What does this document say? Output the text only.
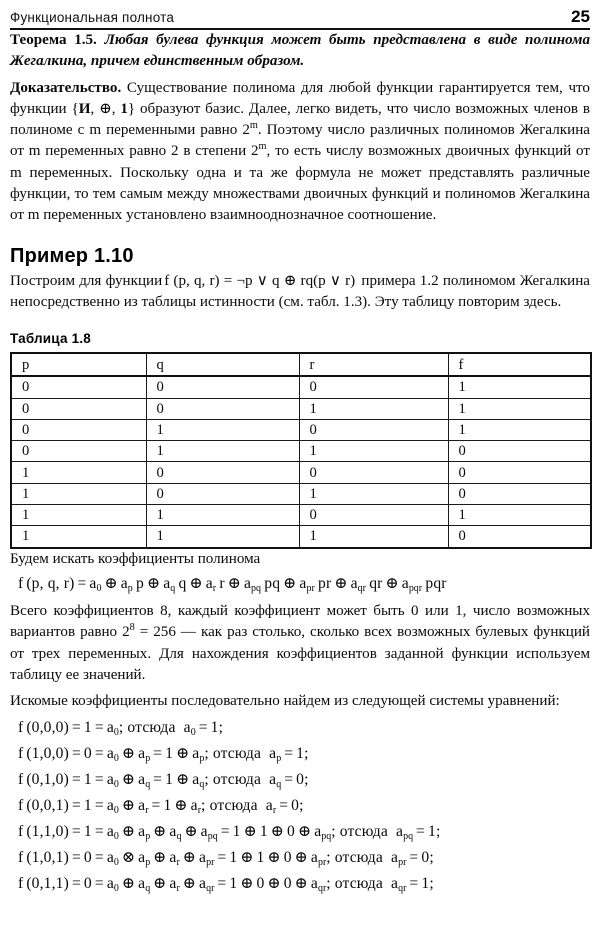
Функциональная полнота	25

Теорема 1.5. Любая булева функция может быть представлена в виде полинома Жегалкина, причем единственным образом.

Доказательство. Существование полинома для любой функции гарантируется тем, что функции {И, ⊕, 1} образуют базис. Далее, легко видеть, что число возможных членов в полиноме с m переменными равно 2$^m$. Поэтому число различных полиномов Жегалкина от m переменных равно 2 в степени 2$^m$, то есть числу возможных двоичных функций от m переменных. Поскольку одна и та же формула не может представлять различные функции, то тем самым между множествами двоичных функций и полиномов Жегалкина от m переменных установлено взаимнооднозначное соотношение.

Пример 1.10

Построим для функции f (p, q, r) = ¬p ∨ q ⊕ rq(p ∨ r) примера 1.2 полиномом Жегалкина непосредственно из таблицы истинности (см. табл. 1.3). Эту таблицу повторим здесь.

Таблица 1.8
p	q	r	f
0	0	0	1
0	0	1	1
0	1	0	1
0	1	1	0
1	0	0	0
1	0	1	0
1	1	0	1
1	1	1	0

Будем искать коэффициенты полинома

f (p, q, $r) = a_0$ ⊕ $a_p$ p ⊕ $a_q$ q ⊕ $a_r$ r ⊕ $a_{pq}$ pq ⊕ $a_{pr}$ pr ⊕ $a_{qr}$ qr ⊕ $a_{pqr}$ pqr

Всего коэффициентов 8, каждый коэффициент может быть 0 или 1, число возможных вариантов равно $2^8 = 256$ — как раз столько, сколько всех возможных булевых функций от трех переменных. Для нахождения коэффициентов заданной функции используем таблицу ее значений.

Искомые коэффициенты последовательно найдем из следующей системы уравнений:

f $(0,0,0) = 1 = a_0$; отсюда  $a_0 = 1$;
f $(1,0,0) = 0 = a_0$ ⊕ $a_p = 1$ ⊕ $a_p$; отсюда  $a_p = 1$;
f $(0,1,0) = 1 = a_0$ ⊕ $a_q = 1$ ⊕ $a_q$; отсюда  $a_q = 0$;
f $(0,0,1) = 1 = a_0$ ⊕ $a_r = 1$ ⊕ $a_r$; отсюда  $a_r = 0$;
f $(1,1,0) = 1 = a_0$ ⊕ $a_p$ ⊕ $a_q$ ⊕ $a_{pq} = 1$ ⊕ 1 ⊕ 0 ⊕ $a_{pq}$; отсюда  $a_{pq} = 1$;
f $(1,0,1) = 0 = a_0$ ⊗ $a_p$ ⊕ $a_r$ ⊕ $a_{pr} = 1$ ⊕ 1 ⊕ 0 ⊕ $a_{pr}$; отсюда  $a_{pr} = 0$;
f $(0,1,1) = 0 = a_0$ ⊕ $a_q$ ⊕ $a_r$ ⊕ $a_{qr} = 1$ ⊕ 0 ⊕ 0 ⊕ $a_{qr}$; отсюда  $a_{qr} = 1$;
